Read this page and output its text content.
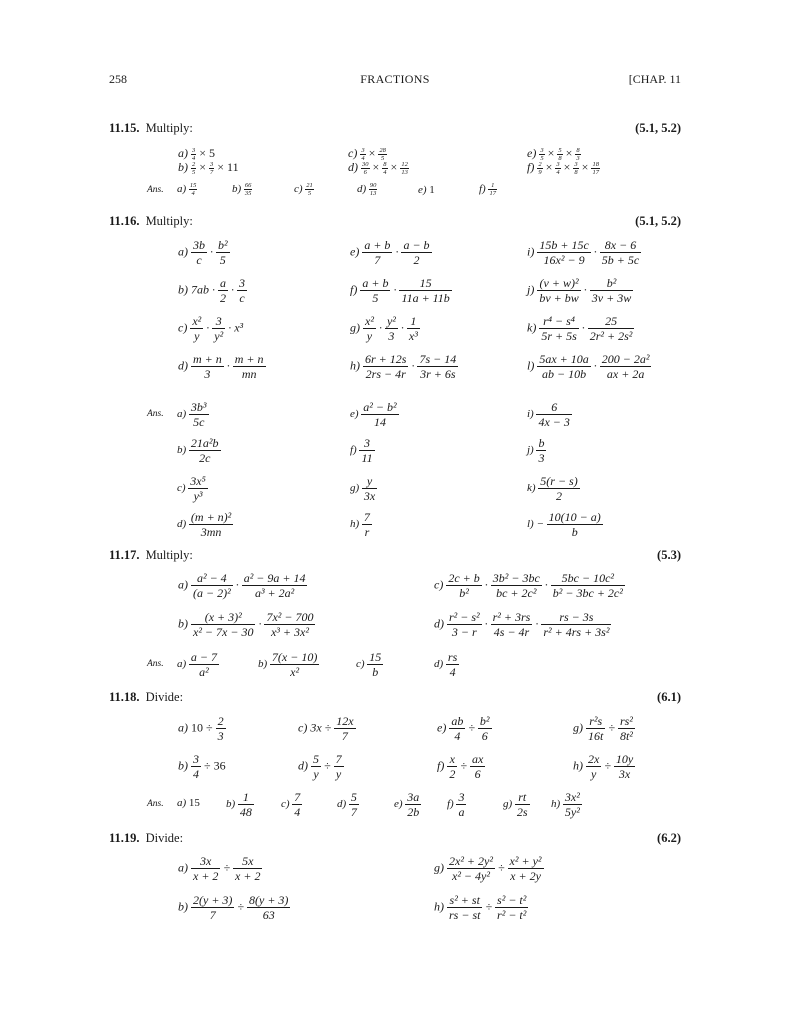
258	FRACTIONS	[CHAP. 11
11.15. Multiply:	(5.1, 5.2)
$a) \frac{3}{4} \times 5$
$b) \frac{2}{5} \times \frac{3}{7} \times 11$
$c) \frac{3}{4} \times \frac{28}{5}$
$d) \frac{30}{6} \times \frac{8}{4} \times \frac{12}{13}$
$e) \frac{3}{5} \times \frac{5}{8} \times \frac{8}{3}$
$f) \frac{2}{9} \times \frac{3}{4} \times \frac{3}{8} \times \frac{18}{17}$
Ans. $a) \frac{15}{4}$	$b) \frac{66}{35}$	$c) \frac{21}{5}$	$d) \frac{90}{13}$	e) 1	$f) \frac{1}{17}$
11.16. Multiply:	(5.1, 5.2)
$a) \frac{3b}{c} \cdot \frac{\text{b²}}{5}$
b) $7ab \cdot \frac{a}{2} \cdot \frac{3}{c}$
$c) \frac{\text{x²}}{y} \cdot \frac{3}{\text{y²}} \cdot x^3$
$d) \frac{m + n}{3} \cdot \frac{m + n}{mn}$
$e) \frac{a + b}{7} \cdot \frac{a - b}{2}$
$f) \frac{a + b}{5} \cdot \frac{15}{11a + 11b}$
$g) \frac{\text{x²}}{y} \cdot \frac{\text{y²}}{3} \cdot \frac{1}{\text{x³}}$
$h) \frac{6r + 12s}{2rs - 4r} \cdot \frac{7s - 14}{3r + 6s}$
$i) \frac{15b + 15c}{\text{16x² − 9}} \cdot \frac{8x - 6}{5b + 5c}$
$j) \frac{\text{(v + w)²}}{bv + bw} \cdot \frac{\text{b²}}{3v + 3w}$
$k) \frac{\text{r⁴ − s⁴}}{5r + 5s} \cdot \frac{25}{\text{2r² + 2s²}}$
$l) \frac{5ax + 10a}{ab - 10b} \cdot \frac{\text{200 − 2a²}}{ax + 2a}$
Ans. $a) \frac{\text{3b³}}{5c}$
$b) \frac{\text{21a²b}}{2c}$
$c) \frac{\text{3x⁵}}{\text{y³}}$
$d) \frac{\text{(m + n)²}}{3mn}$
$e) \frac{\text{a² − b²}}{14}$
$f) \frac{3}{11}$
$g) \frac{y}{3x}$
$h) \frac{7}{r}$
$i) \frac{6}{4x - 3}$
$j) \frac{b}{3}$
$k) \frac{5(r - s)}{2}$
$l) - \frac{10(10 - a)}{b}$
11.17. Multiply:	(5.3)
$a) \frac{\text{a² − 4}}{\text{(a − 2)²}} \cdot \frac{\text{a² − 9a + 14}}{\text{a³ + 2a²}}$
$b) \frac{\text{(x + 3)²}}{\text{x² − 7x − 30}} \cdot \frac{\text{7x² − 700}}{\text{x³ + 3x²}}$
$c) \frac{2c + b}{\text{b²}} \cdot \frac{\text{3b² − 3bc}}{\text{bc + 2c²}} \cdot \frac{\text{5bc − 10c²}}{\text{b² − 3bc + 2c²}}$
$d) \frac{\text{r² − s²}}{3 - r} \cdot \frac{\text{r² + 3rs}}{4s - 4r} \cdot \frac{rs - 3s}{\text{r² + 4rs + 3s²}}$
Ans. $a) \frac{a - 7}{\text{a²}}$	$b) \frac{7(x - 10)}{\text{x²}}$	$c) \frac{15}{b}$	$d) \frac{rs}{4}$
11.18. Divide:	(6.1)
a) $10 \div \frac{2}{3}$
$b) \frac{3}{4} \div 36$
c) $3x \div \frac{12x}{7}$
$d) \frac{5}{y} \div \frac{7}{y}$
$e) \frac{ab}{4} \div \frac{\text{b²}}{6}$
$f) \frac{x}{2} \div \frac{ax}{6}$
$g) \frac{\text{r²s}}{16t} \div \frac{\text{rs²}}{\text{8t²}}$
$h) \frac{2x}{y} \div \frac{10y}{3x}$
Ans. a) 15 $b) \frac{1}{48} c) \frac{7}{4}$	$d) \frac{5}{7}$	$e) \frac{3a}{2b} f) \frac{3}{a}$	$g) \frac{rt}{2s} h) \frac{\text{3x²}}{\text{5y²}}$
11.19. Divide:	(6.2)
$a) \frac{3x}{x + 2} \div \frac{5x}{x + 2}$
$b) \frac{2(y + 3)}{7} \div \frac{8(y + 3)}{63}$
$g) \frac{\text{2x² + 2y²}}{\text{x² − 4y²}} \div \frac{\text{x² + y²}}{x + 2y}$
$h) \frac{\text{s² + st}}{rs - st} \div \frac{\text{s² − t²}}{\text{r² − t²}}$
